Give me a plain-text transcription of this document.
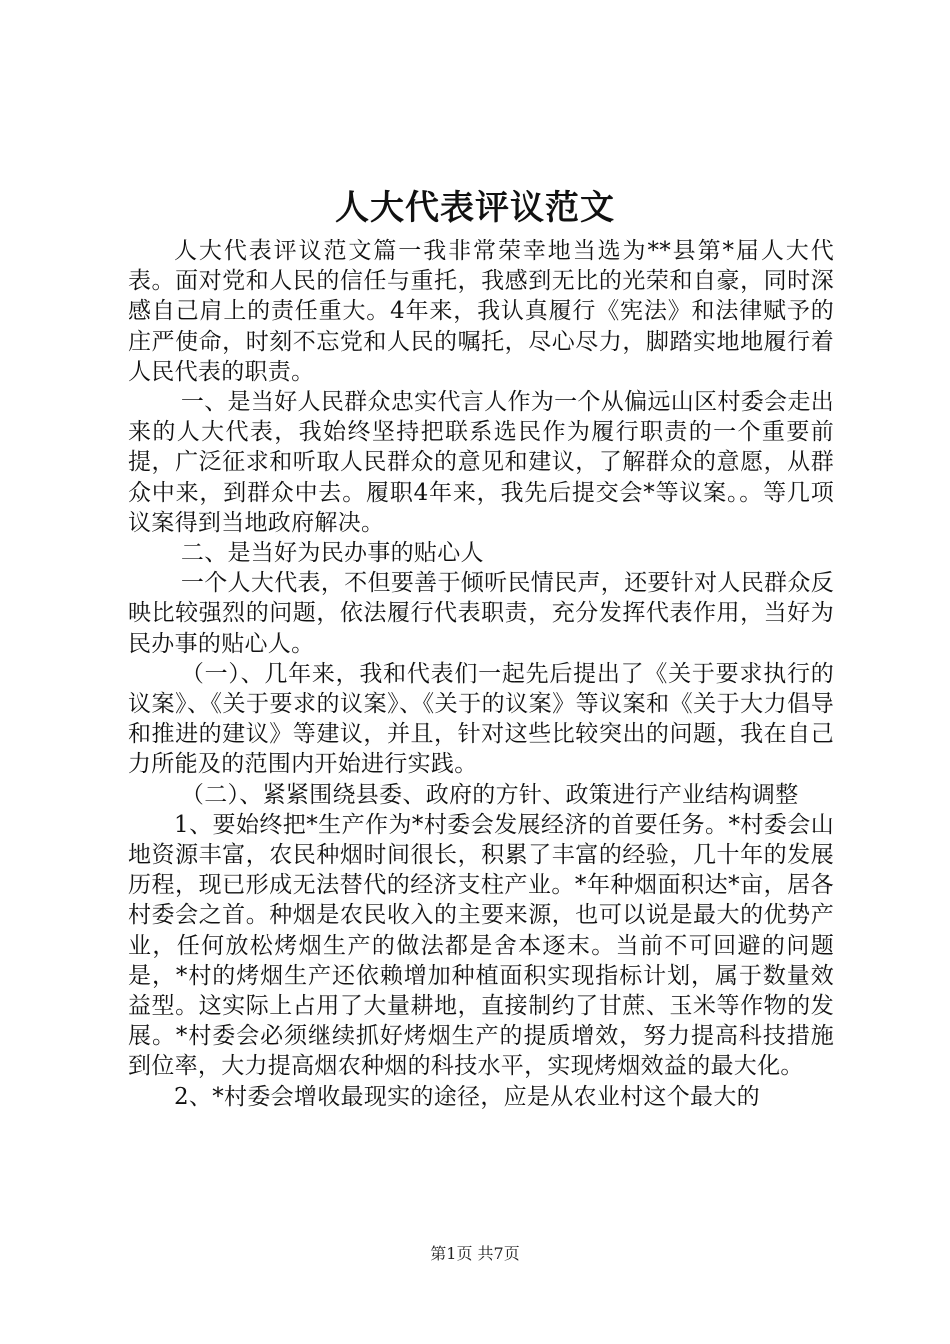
人大代表评议范文

人大代表评议范文篇一我非常荣幸地当选为**县第*届人大代表。面对党和人民的信任与重托，我感到无比的光荣和自豪，同时深感自己肩上的责任重大。4年来，我认真履行《宪法》和法律赋予的庄严使命，时刻不忘党和人民的嘱托，尽心尽力，脚踏实地地履行着人民代表的职责。

一、是当好人民群众忠实代言人作为一个从偏远山区村委会走出来的人大代表，我始终坚持把联系选民作为履行职责的一个重要前提，广泛征求和听取人民群众的意见和建议，了解群众的意愿，从群众中来，到群众中去。履职4年来，我先后提交会*等议案。。等几项议案得到当地政府解决。

二、是当好为民办事的贴心人

一个人大代表，不但要善于倾听民情民声，还要针对人民群众反映比较强烈的问题，依法履行代表职责，充分发挥代表作用，当好为民办事的贴心人。

（一）、几年来，我和代表们一起先后提出了《关于要求执行的议案》、《关于要求的议案》、《关于的议案》等议案和《关于大力倡导和推进的建议》等建议，并且，针对这些比较突出的问题，我在自己力所能及的范围内开始进行实践。

（二）、紧紧围绕县委、政府的方针、政策进行产业结构调整

1、要始终把*生产作为*村委会发展经济的首要任务。*村委会山地资源丰富，农民种烟时间很长，积累了丰富的经验，几十年的发展历程，现已形成无法替代的经济支柱产业。*年种烟面积达*亩，居各村委会之首。种烟是农民收入的主要来源，也可以说是最大的优势产业，任何放松烤烟生产的做法都是舍本逐末。当前不可回避的问题是，*村的烤烟生产还依赖增加种植面积实现指标计划，属于数量效益型。这实际上占用了大量耕地，直接制约了甘蔗、玉米等作物的发展。*村委会必须继续抓好烤烟生产的提质增效，努力提高科技措施到位率，大力提高烟农种烟的科技水平，实现烤烟效益的最大化。

2、*村委会增收最现实的途径，应是从农业村这个最大的

第1页 共7页
